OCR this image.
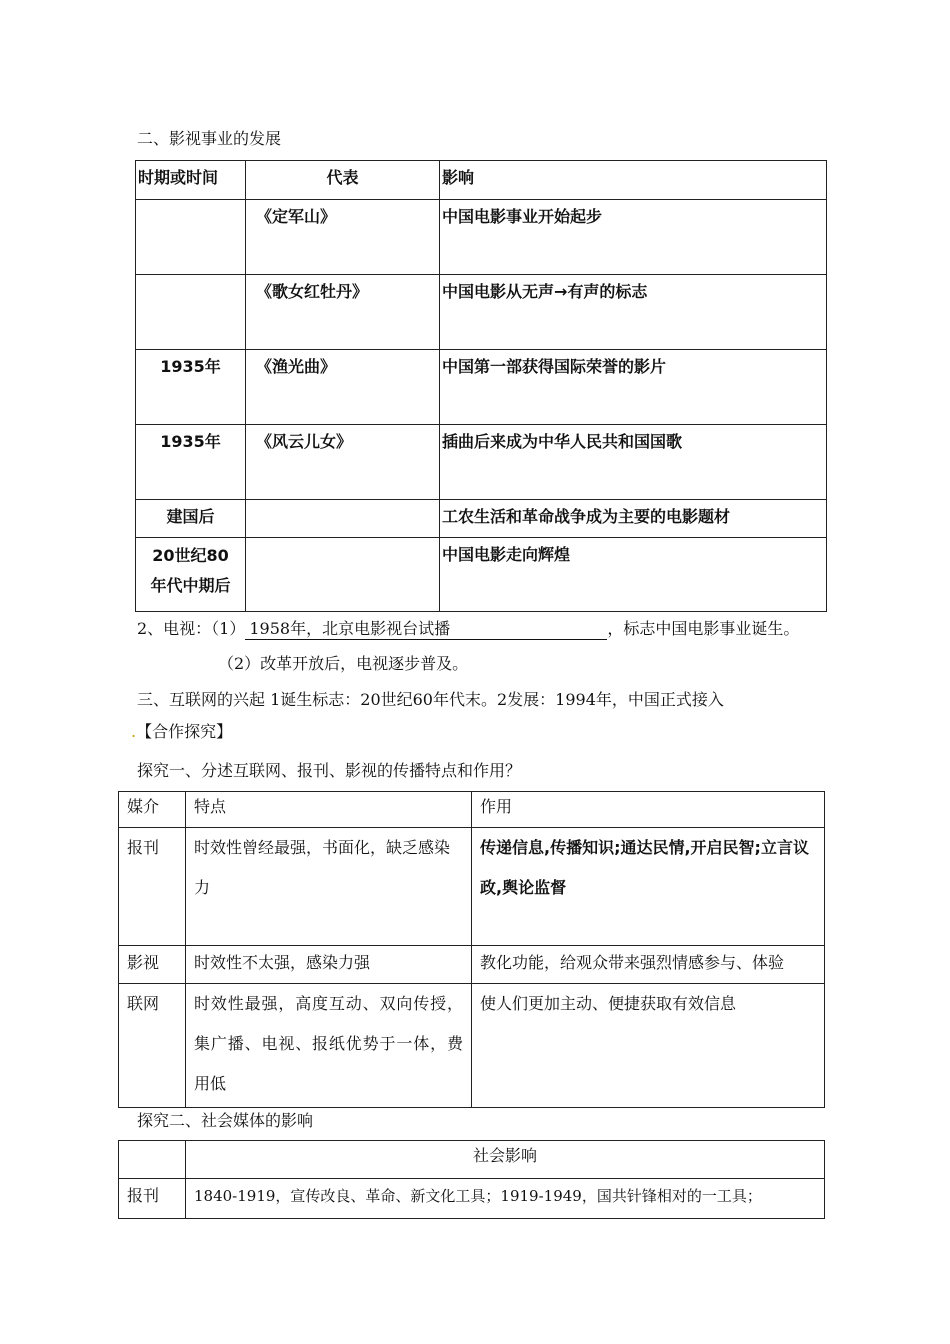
二、影视事业的发展
时期或时间	代表	影响

	《定军山》	中国电影事业开始起步

	《歌女红牡丹》	中国电影从无声→有声的标志

1935年	《渔光曲》	中国第一部获得国际荣誉的影片

1935年	《风云儿女》	插曲后来成为中华人民共和国国歌

建国后		工农生活和革命战争成为主要的电影题材

20世纪80
年代中期后		中国电影走向辉煌
2、电视：（1） 1958年，北京电影视台试播	，标志中国电影事业诞生。
（2）改革开放后，电视逐步普及。
三、互联网的兴起 1诞生标志：20世纪60年代末。2发展：1994年，中国正式接入
.【合作探究】
探究一、分述互联网、报刊、影视的传播特点和作用？
媒介	特点	作用
报刊	时效性曾经最强，书面化，缺乏感染力	传递信息,传播知识;通达民情,开启民智;立言议政,舆论监督
影视	时效性不太强，感染力强	教化功能，给观众带来强烈情感参与、体验
联网	时效性最强，高度互动、双向传授，集广播、电视、报纸优势于一体，费用低	使人们更加主动、便捷获取有效信息
探究二、社会媒体的影响
	社会影响
报刊	1840-1919，宣传改良、革命、新文化工具；1919-1949，国共针锋相对的一工具；
